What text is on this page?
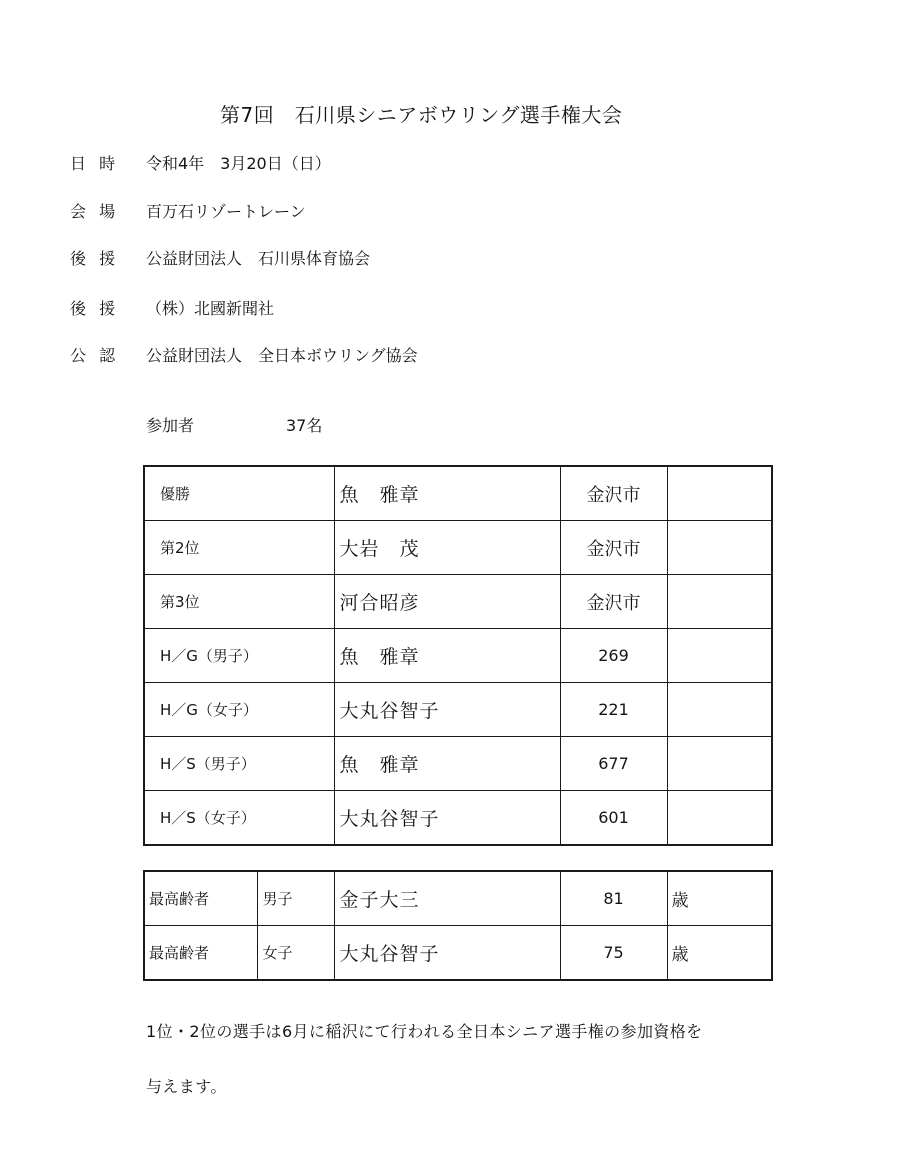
第7回　石川県シニアボウリング選手権大会
日 時 令和4年　3月20日（日）
会 場 百万石リゾートレーン
後 援 公益財団法人　石川県体育協会
後 援 （株）北國新聞社
公 認 公益財団法人　全日本ボウリング協会
参加者	37名
優勝	魚　雅章	金沢市	
第2位	大岩　茂	金沢市	
第3位	河合昭彦	金沢市	
H／G（男子）	魚　雅章	269	
H／G（女子）	大丸谷智子	221	
H／S（男子）	魚　雅章	677	
H／S（女子）	大丸谷智子	601	
最高齢者	男子	金子大三	81	歳
最高齢者	女子	大丸谷智子	75	歳
1位・2位の選手は6月に稲沢にて行われる全日本シニア選手権の参加資格を
与えます。
